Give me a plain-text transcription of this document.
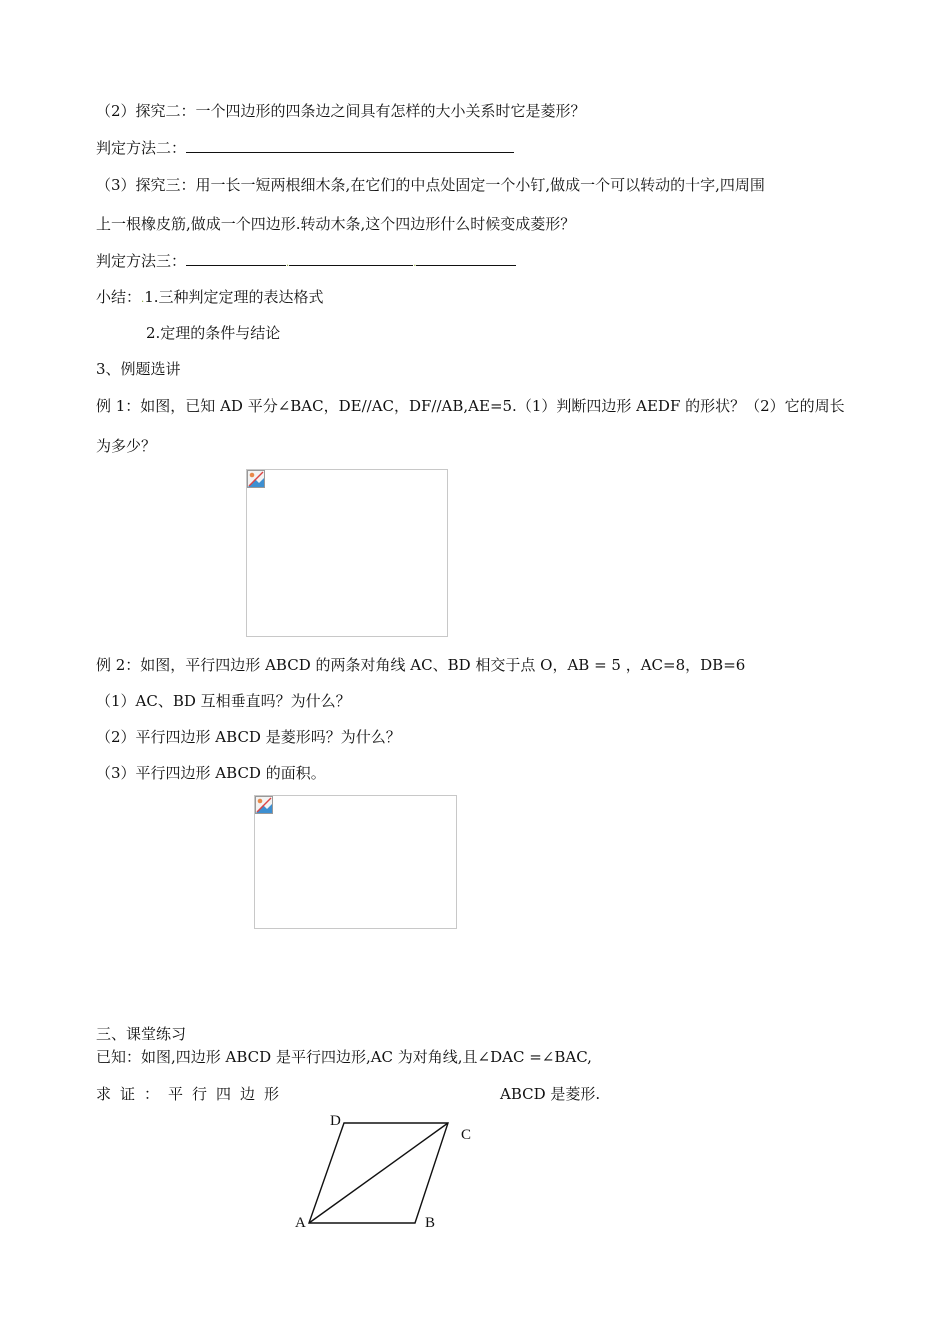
（2）探究二：一个四边形的四条边之间具有怎样的大小关系时它是菱形？
判定方法二：
（3）探究三：用一长一短两根细木条,在它们的中点处固定一个小钉,做成一个可以转动的十字,四周围
上一根橡皮筋,做成一个四边形.转动木条,这个四边形什么时候变成菱形？
判定方法三：	.	.
小结：.1.三种判定定理的表达格式
2.定理的条件与结论
3、例题选讲
例 1：如图，已知 AD 平分∠BAC，DE//AC，DF//AB,AE=5.（1）判断四边形 AEDF 的形状？（2）它的周长
为多少？
例 2：如图，平行四边形 ABCD 的两条对角线 AC、BD 相交于点 O，AB = 5 ，AC=8，DB=6
（1）AC、BD 互相垂直吗？为什么？
（2）平行四边形 ABCD 是菱形吗？为什么？
（3）平行四边形 ABCD 的面积。
三、课堂练习
已知：如图,四边形 ABCD 是平行四边形,AC 为对角线,且∠DAC =∠BAC,
求证：平行四边形	ABCD 是菱形.
D
C
A	B
